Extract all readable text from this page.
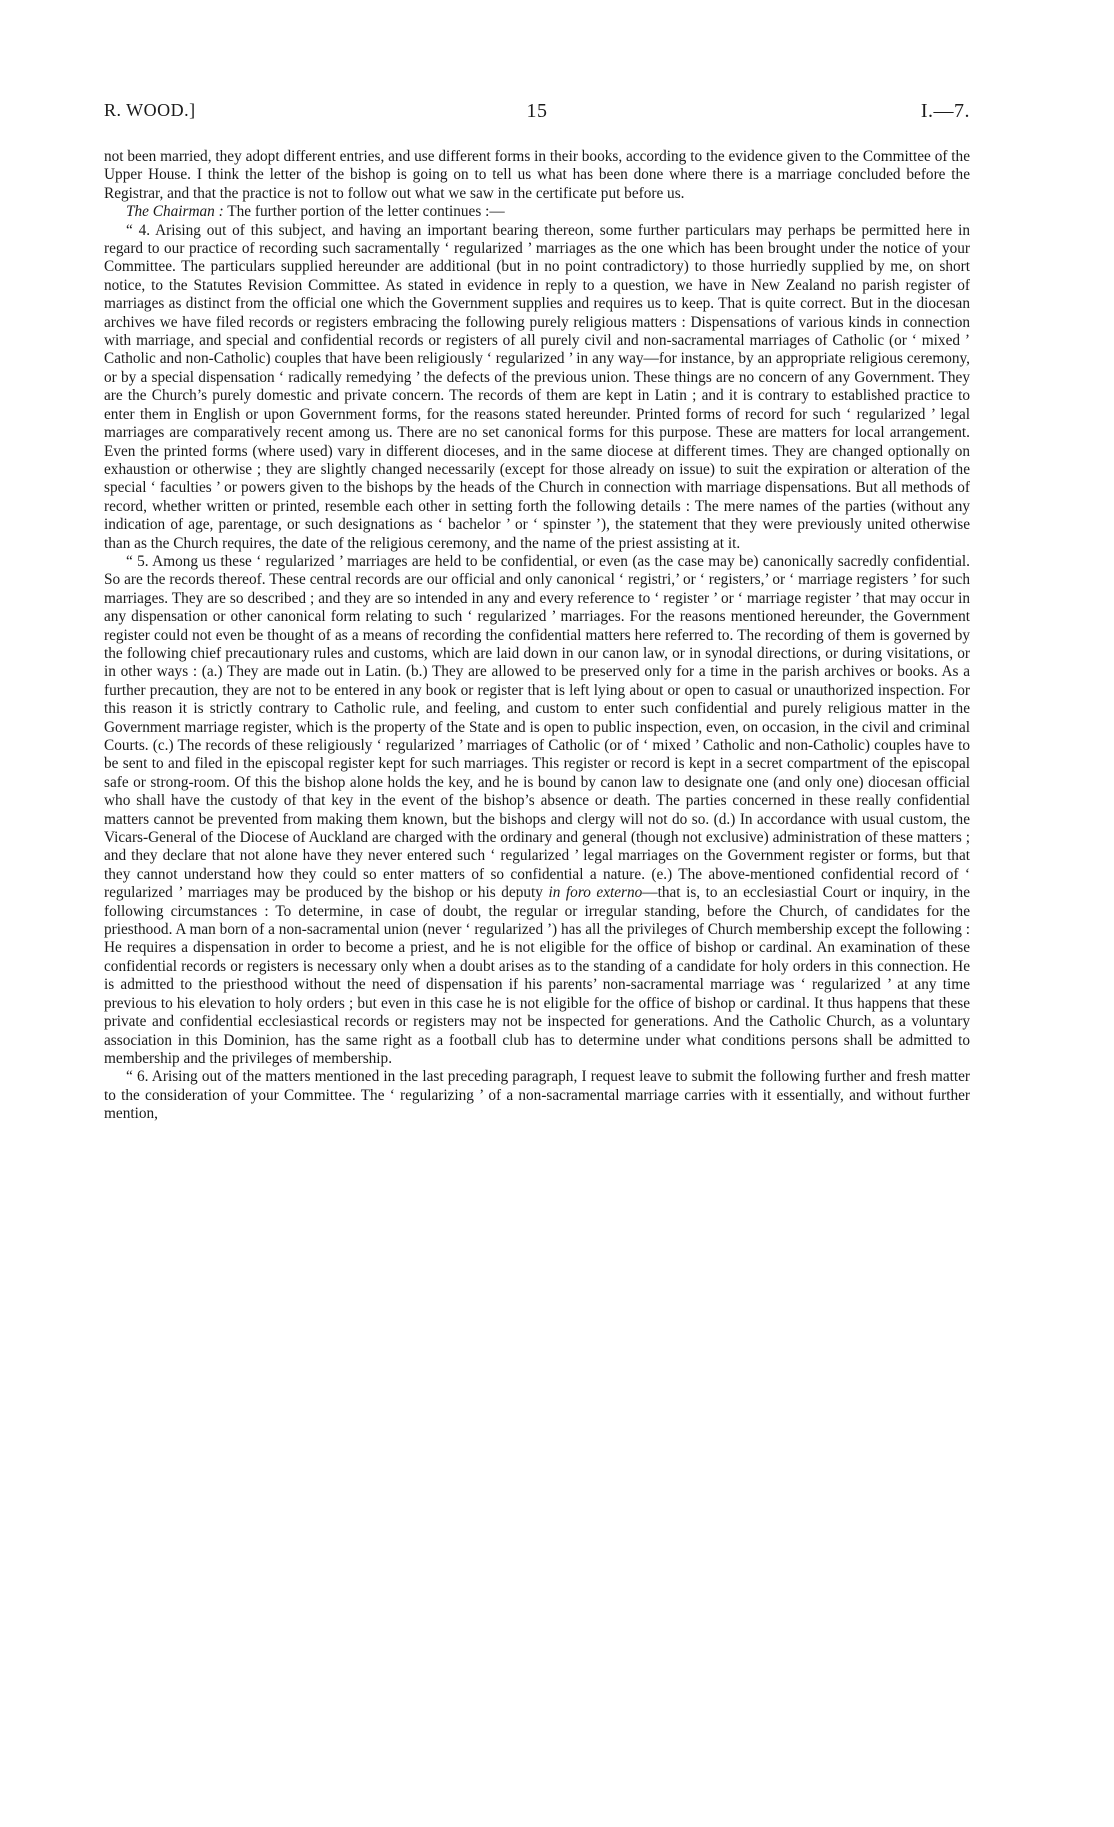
R. WOOD.]	15	I.—7.

not been married, they adopt different entries, and use different forms in their books, according to the evidence given to the Committee of the Upper House. I think the letter of the bishop is going on to tell us what has been done where there is a marriage concluded before the Registrar, and that the practice is not to follow out what we saw in the certificate put before us.

The Chairman : The further portion of the letter continues :—

“ 4. Arising out of this subject, and having an important bearing thereon, some further particulars may perhaps be permitted here in regard to our practice of recording such sacramentally ‘ regularized ’ marriages as the one which has been brought under the notice of your Committee. The particulars supplied hereunder are additional (but in no point contradictory) to those hurriedly supplied by me, on short notice, to the Statutes Revision Committee. As stated in evidence in reply to a question, we have in New Zealand no parish register of marriages as distinct from the official one which the Government supplies and requires us to keep. That is quite correct. But in the diocesan archives we have filed records or registers embracing the following purely religious matters : Dispensations of various kinds in connection with marriage, and special and confidential records or registers of all purely civil and non-sacramental marriages of Catholic (or ‘ mixed ’ Catholic and non-Catholic) couples that have been religiously ‘ regularized ’ in any way—for instance, by an appropriate religious ceremony, or by a special dispensation ‘ radically remedying ’ the defects of the previous union. These things are no concern of any Government. They are the Church’s purely domestic and private concern. The records of them are kept in Latin ; and it is contrary to established practice to enter them in English or upon Government forms, for the reasons stated hereunder. Printed forms of record for such ‘ regularized ’ legal marriages are comparatively recent among us. There are no set canonical forms for this purpose. These are matters for local arrangement. Even the printed forms (where used) vary in different dioceses, and in the same diocese at different times. They are changed optionally on exhaustion or otherwise ; they are slightly changed necessarily (except for those already on issue) to suit the expiration or alteration of the special ‘ faculties ’ or powers given to the bishops by the heads of the Church in connection with marriage dispensations. But all methods of record, whether written or printed, resemble each other in setting forth the following details : The mere names of the parties (without any indication of age, parentage, or such designations as ‘ bachelor ’ or ‘ spinster ’), the statement that they were previously united otherwise than as the Church requires, the date of the religious ceremony, and the name of the priest assisting at it.

“ 5. Among us these ‘ regularized ’ marriages are held to be confidential, or even (as the case may be) canonically sacredly confidential. So are the records thereof. These central records are our official and only canonical ‘ registri,’ or ‘ registers,’ or ‘ marriage registers ’ for such marriages. They are so described ; and they are so intended in any and every reference to ‘ register ’ or ‘ marriage register ’ that may occur in any dispensation or other canonical form relating to such ‘ regularized ’ marriages. For the reasons mentioned hereunder, the Government register could not even be thought of as a means of recording the confidential matters here referred to. The recording of them is governed by the following chief precautionary rules and customs, which are laid down in our canon law, or in synodal directions, or during visitations, or in other ways : (a.) They are made out in Latin. (b.) They are allowed to be preserved only for a time in the parish archives or books. As a further precaution, they are not to be entered in any book or register that is left lying about or open to casual or unauthorized inspection. For this reason it is strictly contrary to Catholic rule, and feeling, and custom to enter such confidential and purely religious matter in the Government marriage register, which is the property of the State and is open to public inspection, even, on occasion, in the civil and criminal Courts. (c.) The records of these religiously ‘ regularized ’ marriages of Catholic (or of ‘ mixed ’ Catholic and non-Catholic) couples have to be sent to and filed in the episcopal register kept for such marriages. This register or record is kept in a secret compartment of the episcopal safe or strong-room. Of this the bishop alone holds the key, and he is bound by canon law to designate one (and only one) diocesan official who shall have the custody of that key in the event of the bishop’s absence or death. The parties concerned in these really confidential matters cannot be prevented from making them known, but the bishops and clergy will not do so. (d.) In accordance with usual custom, the Vicars-General of the Diocese of Auckland are charged with the ordinary and general (though not exclusive) administration of these matters ; and they declare that not alone have they never entered such ‘ regularized ’ legal marriages on the Government register or forms, but that they cannot understand how they could so enter matters of so confidential a nature. (e.) The above-mentioned confidential record of ‘ regularized ’ marriages may be produced by the bishop or his deputy in foro externo—that is, to an ecclesiastial Court or inquiry, in the following circumstances : To determine, in case of doubt, the regular or irregular standing, before the Church, of candidates for the priesthood. A man born of a non-sacramental union (never ‘ regularized ’) has all the privileges of Church membership except the following : He requires a dispensation in order to become a priest, and he is not eligible for the office of bishop or cardinal. An examination of these confidential records or registers is necessary only when a doubt arises as to the standing of a candidate for holy orders in this connection. He is admitted to the priesthood without the need of dispensation if his parents’ non-sacramental marriage was ‘ regularized ’ at any time previous to his elevation to holy orders ; but even in this case he is not eligible for the office of bishop or cardinal. It thus happens that these private and confidential ecclesiastical records or registers may not be inspected for generations. And the Catholic Church, as a voluntary association in this Dominion, has the same right as a football club has to determine under what conditions persons shall be admitted to membership and the privileges of membership.

“ 6. Arising out of the matters mentioned in the last preceding paragraph, I request leave to submit the following further and fresh matter to the consideration of your Committee. The ‘ regularizing ’ of a non-sacramental marriage carries with it essentially, and without further mention,
